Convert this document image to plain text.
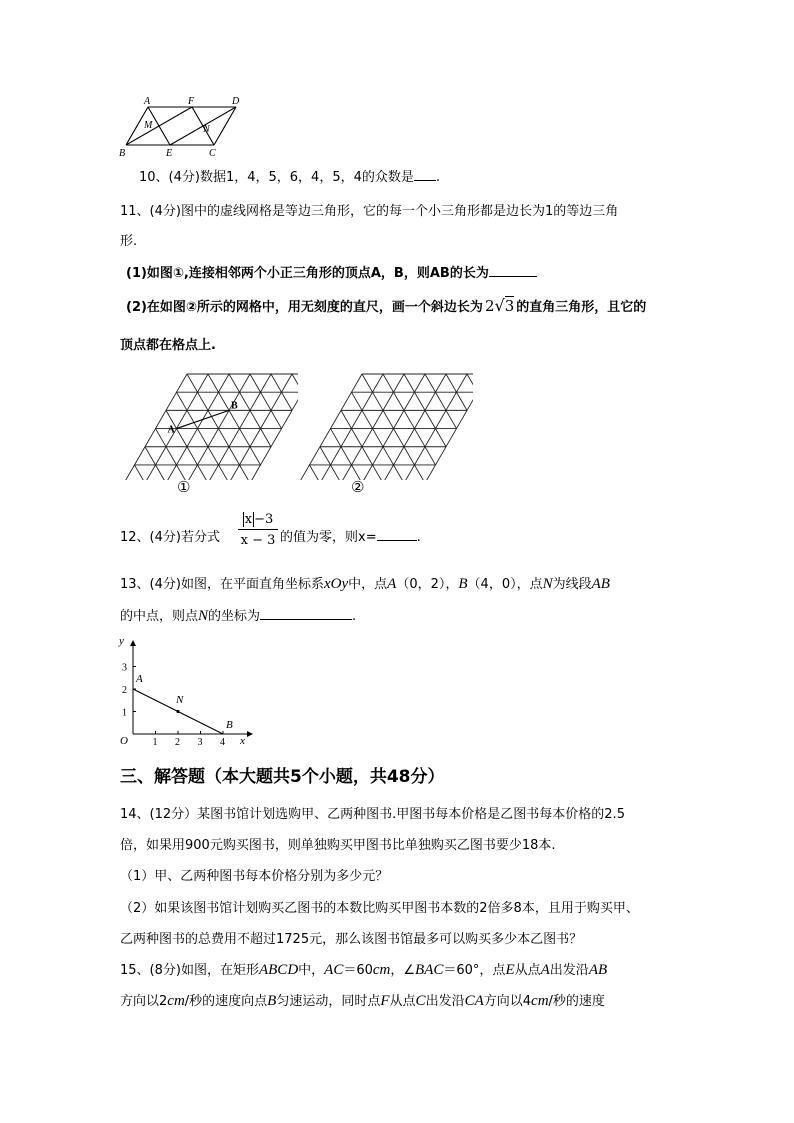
A	F	D
M	N
B	E	C
10、(4分)数据1，4，5，6，4，5，4的众数是 .
11、(4分)图中的虚线网格是等边三角形，它的每一个小三角形都是边长为1的等边三角
形.
(1)如图①,连接相邻两个小正三角形的顶点A，B，则AB的长为
(2)在如图②所示的网格中，用无刻度的直尺，画一个斜边长为 2√3 的直角三角形，且它的
顶点都在格点上.
A
B
①	②
12、(4分)若分式
x −3
x − 3 的值为零，则x=	.
13、(4分)如图，在平面直角坐标系xOy中，点A（0，2），B（4，0），点N为线段AB
的中点，则点N的坐标为	.
1 2 3 4
1
2
3
y
x
O
A
N
B
三、解答题（本大题共5个小题，共48分）
14、(12分）某图书馆计划选购甲、乙两种图书.甲图书每本价格是乙图书每本价格的2.5
倍，如果用900元购买图书，则单独购买甲图书比单独购买乙图书要少18本.
（1）甲、乙两种图书每本价格分别为多少元？
（2）如果该图书馆计划购买乙图书的本数比购买甲图书本数的2倍多8本，且用于购买甲、
乙两种图书的总费用不超过1725元，那么该图书馆最多可以购买多少本乙图书？
15、(8分)如图，在矩形ABCD中，AC＝60cm，∠BAC＝60°，点E从点A出发沿AB
方向以2cm/秒的速度向点B匀速运动，同时点F从点C出发沿CA方向以4cm/秒的速度
